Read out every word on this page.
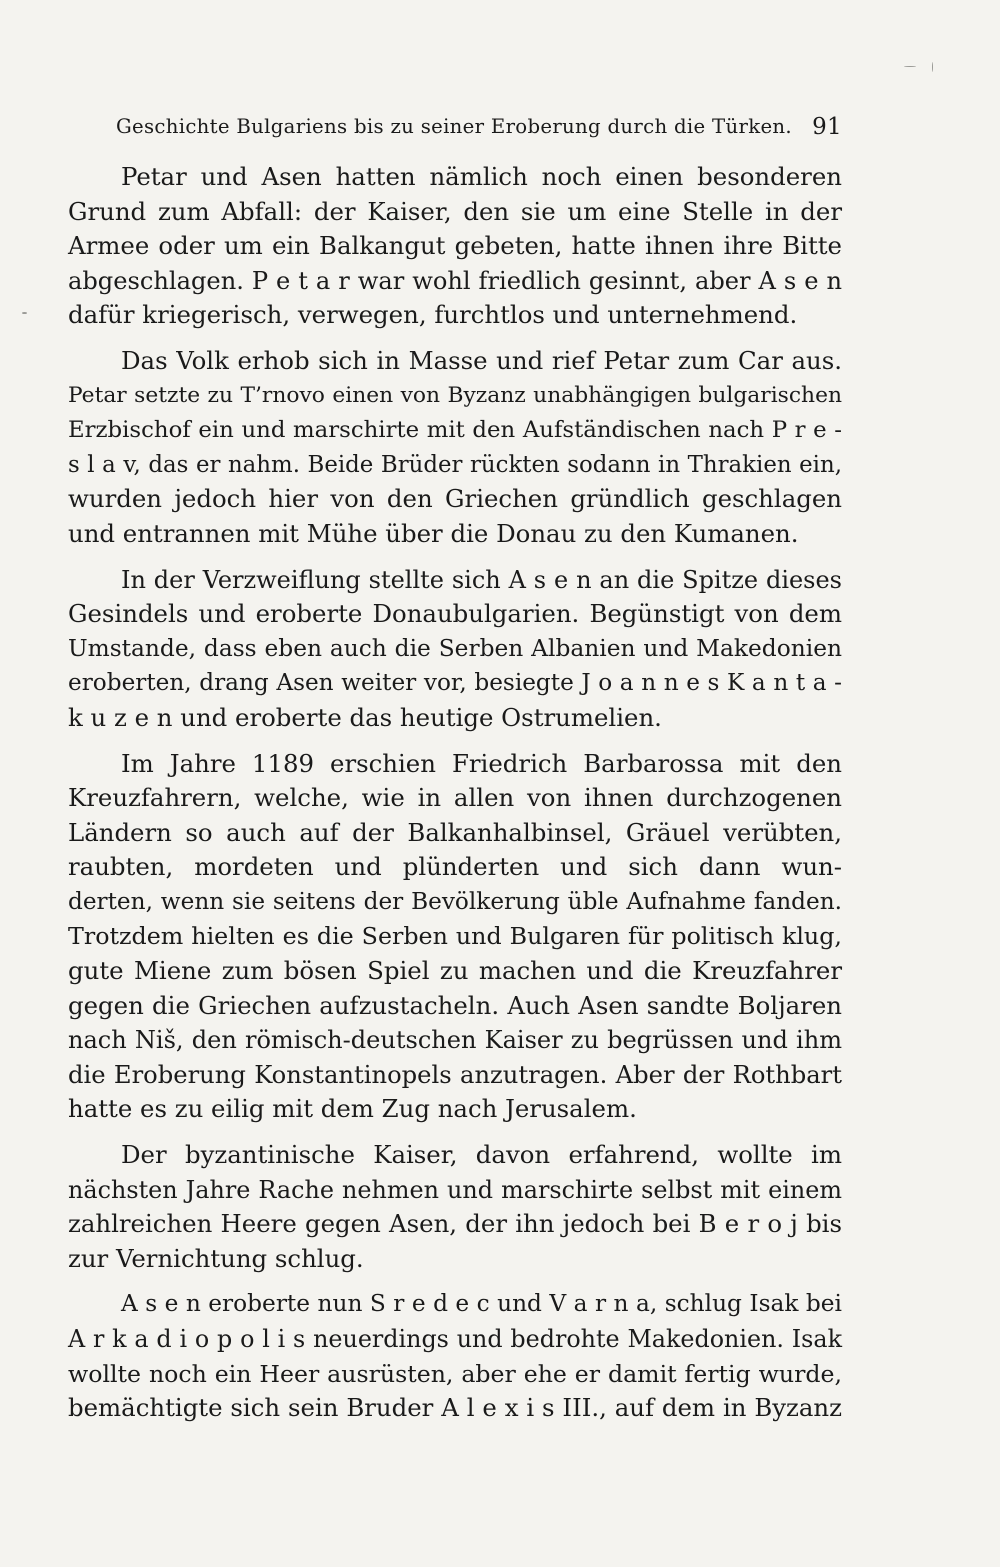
Geschichte Bulgariens bis zu seiner Eroberung durch die Türken. 91

Petar und Asen hatten nämlich noch einen besonderen
Grund zum Abfall: der Kaiser, den sie um eine Stelle in der
Armee oder um ein Balkangut gebeten, hatte ihnen ihre Bitte
abgeschlagen. P e t a r war wohl friedlich gesinnt, aber A s e n
dafür kriegerisch, verwegen, furchtlos und unternehmend.

Das Volk erhob sich in Masse und rief Petar zum Car aus.
Petar setzte zu T’rnovo einen von Byzanz unabhängigen bulgarischen
Erzbischof ein und marschirte mit den Aufständischen nach P r e -
s l a v, das er nahm. Beide Brüder rückten sodann in Thrakien ein,
wurden jedoch hier von den Griechen gründlich geschlagen
und entrannen mit Mühe über die Donau zu den Kumanen.

In der Verzweiflung stellte sich A s e n an die Spitze dieses
Gesindels und eroberte Donaubulgarien. Begünstigt von dem
Umstande, dass eben auch die Serben Albanien und Makedonien
eroberten, drang Asen weiter vor, besiegte J o a n n e s K a n t a -
k u z e n und eroberte das heutige Ostrumelien.

Im Jahre 1189 erschien Friedrich Barbarossa mit den
Kreuzfahrern, welche, wie in allen von ihnen durchzogenen
Ländern so auch auf der Balkanhalbinsel, Gräuel verübten,
raubten, mordeten und plünderten und sich dann wun-
derten, wenn sie seitens der Bevölkerung üble Aufnahme fanden.
Trotzdem hielten es die Serben und Bulgaren für politisch klug,
gute Miene zum bösen Spiel zu machen und die Kreuzfahrer
gegen die Griechen aufzustacheln. Auch Asen sandte Boljaren
nach Niš, den römisch-deutschen Kaiser zu begrüssen und ihm
die Eroberung Konstantinopels anzutragen. Aber der Rothbart
hatte es zu eilig mit dem Zug nach Jerusalem.

Der byzantinische Kaiser, davon erfahrend, wollte im
nächsten Jahre Rache nehmen und marschirte selbst mit einem
zahlreichen Heere gegen Asen, der ihn jedoch bei B e r o j bis
zur Vernichtung schlug.

A s e n eroberte nun S r e d e c und V a r n a, schlug Isak bei
A r k a d i o p o l i s neuerdings und bedrohte Makedonien. Isak
wollte noch ein Heer ausrüsten, aber ehe er damit fertig wurde,
bemächtigte sich sein Bruder A l e x i s III., auf dem in Byzanz
